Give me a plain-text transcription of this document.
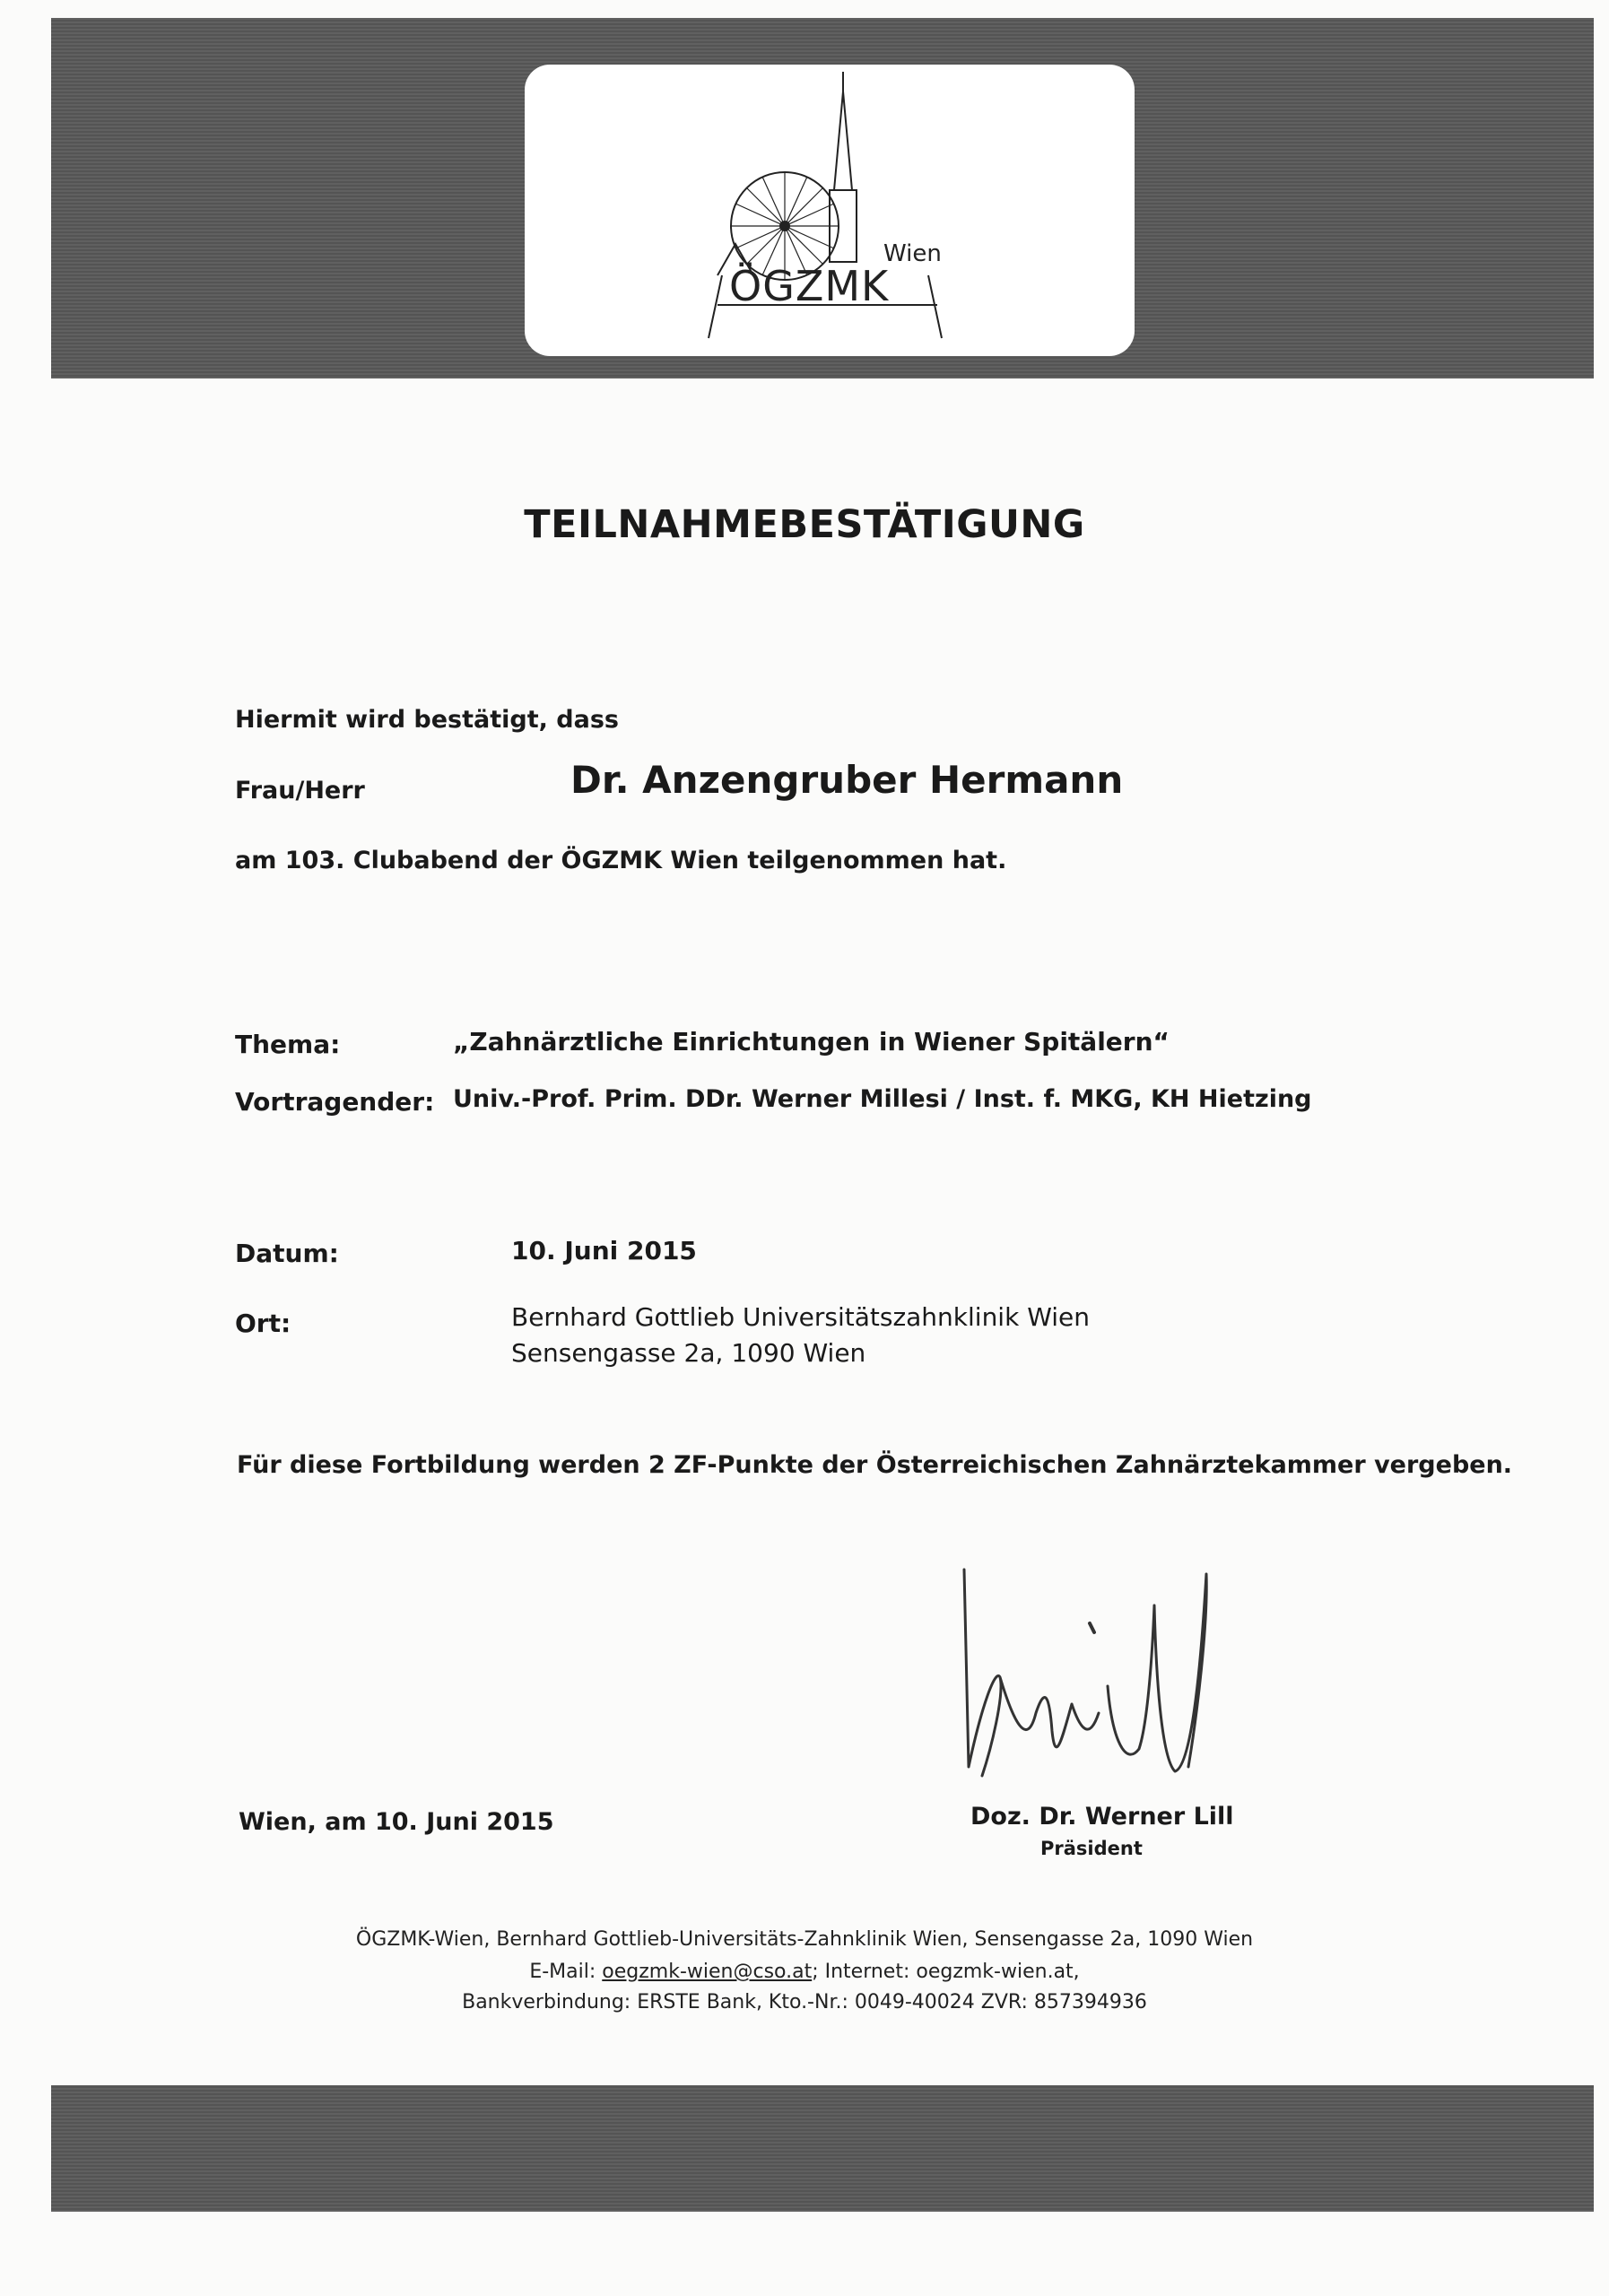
Wien
ÖGZMK
TEILNAHMEBESTÄTIGUNG
Hiermit wird bestätigt, dass
Frau/Herr	Dr. Anzengruber Hermann
am 103. Clubabend der ÖGZMK Wien teilgenommen hat.
Thema:	„Zahnärztliche Einrichtungen in Wiener Spitälern“
Vortragender: Univ.-Prof. Prim. DDr. Werner Millesi / Inst. f. MKG, KH Hietzing
Datum:	10. Juni 2015
Ort:	Bernhard Gottlieb Universitätszahnklinik Wien
Sensengasse 2a, 1090 Wien
Für diese Fortbildung werden 2 ZF-Punkte der Österreichischen Zahnärztekammer vergeben.
Wien, am 10. Juni 2015	Doz. Dr. Werner Lill
Präsident
ÖGZMK-Wien, Bernhard Gottlieb-Universitäts-Zahnklinik Wien, Sensengasse 2a, 1090 Wien
E-Mail: oegzmk-wien@cso.at; Internet: oegzmk-wien.at,
Bankverbindung: ERSTE Bank, Kto.-Nr.: 0049-40024 ZVR: 857394936
